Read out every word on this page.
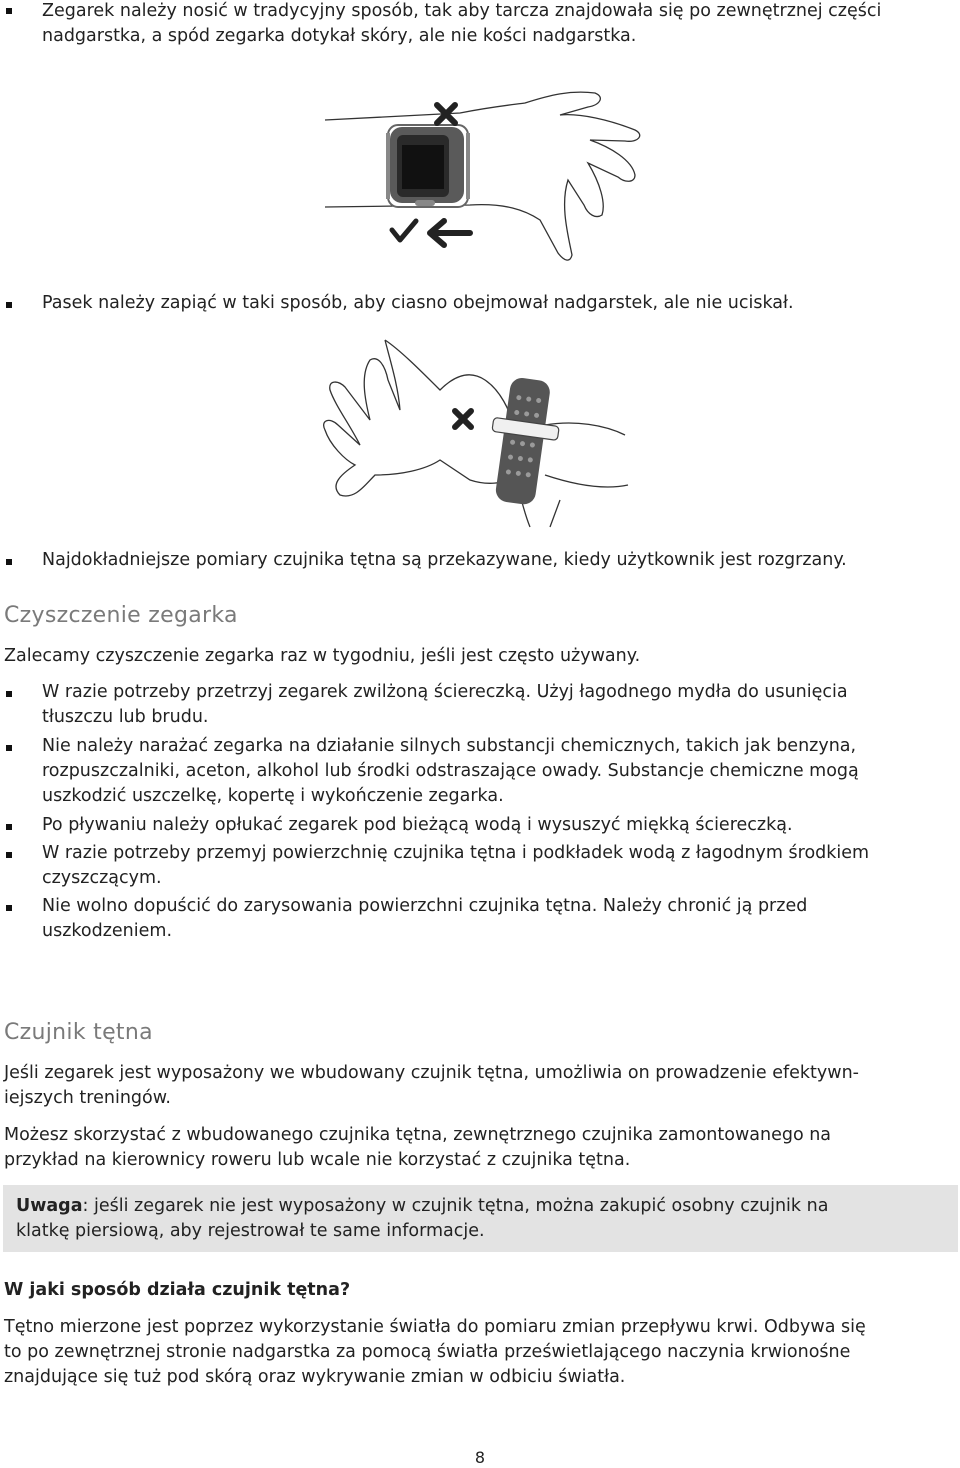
Zegarek należy nosić w tradycyjny sposób, tak aby tarcza znajdowała się po zewnętrznej części
nadgarstka, a spód zegarka dotykał skóry, ale nie kości nadgarstka.
Pasek należy zapiąć w taki sposób, aby ciasno obejmował nadgarstek, ale nie uciskał.
Najdokładniejsze pomiary czujnika tętna są przekazywane, kiedy użytkownik jest rozgrzany.
Czyszczenie zegarka
Zalecamy czyszczenie zegarka raz w tygodniu, jeśli jest często używany.
W razie potrzeby przetrzyj zegarek zwilżoną ściereczką. Użyj łagodnego mydła do usunięcia
tłuszczu lub brudu.
Nie należy narażać zegarka na działanie silnych substancji chemicznych, takich jak benzyna,
rozpuszczalniki, aceton, alkohol lub środki odstraszające owady. Substancje chemiczne mogą
uszkodzić uszczelkę, kopertę i wykończenie zegarka.
Po pływaniu należy opłukać zegarek pod bieżącą wodą i wysuszyć miękką ściereczką.
W razie potrzeby przemyj powierzchnię czujnika tętna i podkładek wodą z łagodnym środkiem
czyszczącym.
Nie wolno dopuścić do zarysowania powierzchni czujnika tętna. Należy chronić ją przed
uszkodzeniem.
Czujnik tętna
Jeśli zegarek jest wyposażony we wbudowany czujnik tętna, umożliwia on prowadzenie efektywn-
iejszych treningów.
Możesz skorzystać z wbudowanego czujnika tętna, zewnętrznego czujnika zamontowanego na
przykład na kierownicy roweru lub wcale nie korzystać z czujnika tętna.
Uwaga: jeśli zegarek nie jest wyposażony w czujnik tętna, można zakupić osobny czujnik na
klatkę piersiową, aby rejestrował te same informacje.
W jaki sposób działa czujnik tętna?
Tętno mierzone jest poprzez wykorzystanie światła do pomiaru zmian przepływu krwi. Odbywa się
to po zewnętrznej stronie nadgarstka za pomocą światła prześwietlającego naczynia krwionośne
znajdujące się tuż pod skórą oraz wykrywanie zmian w odbiciu światła.
8
